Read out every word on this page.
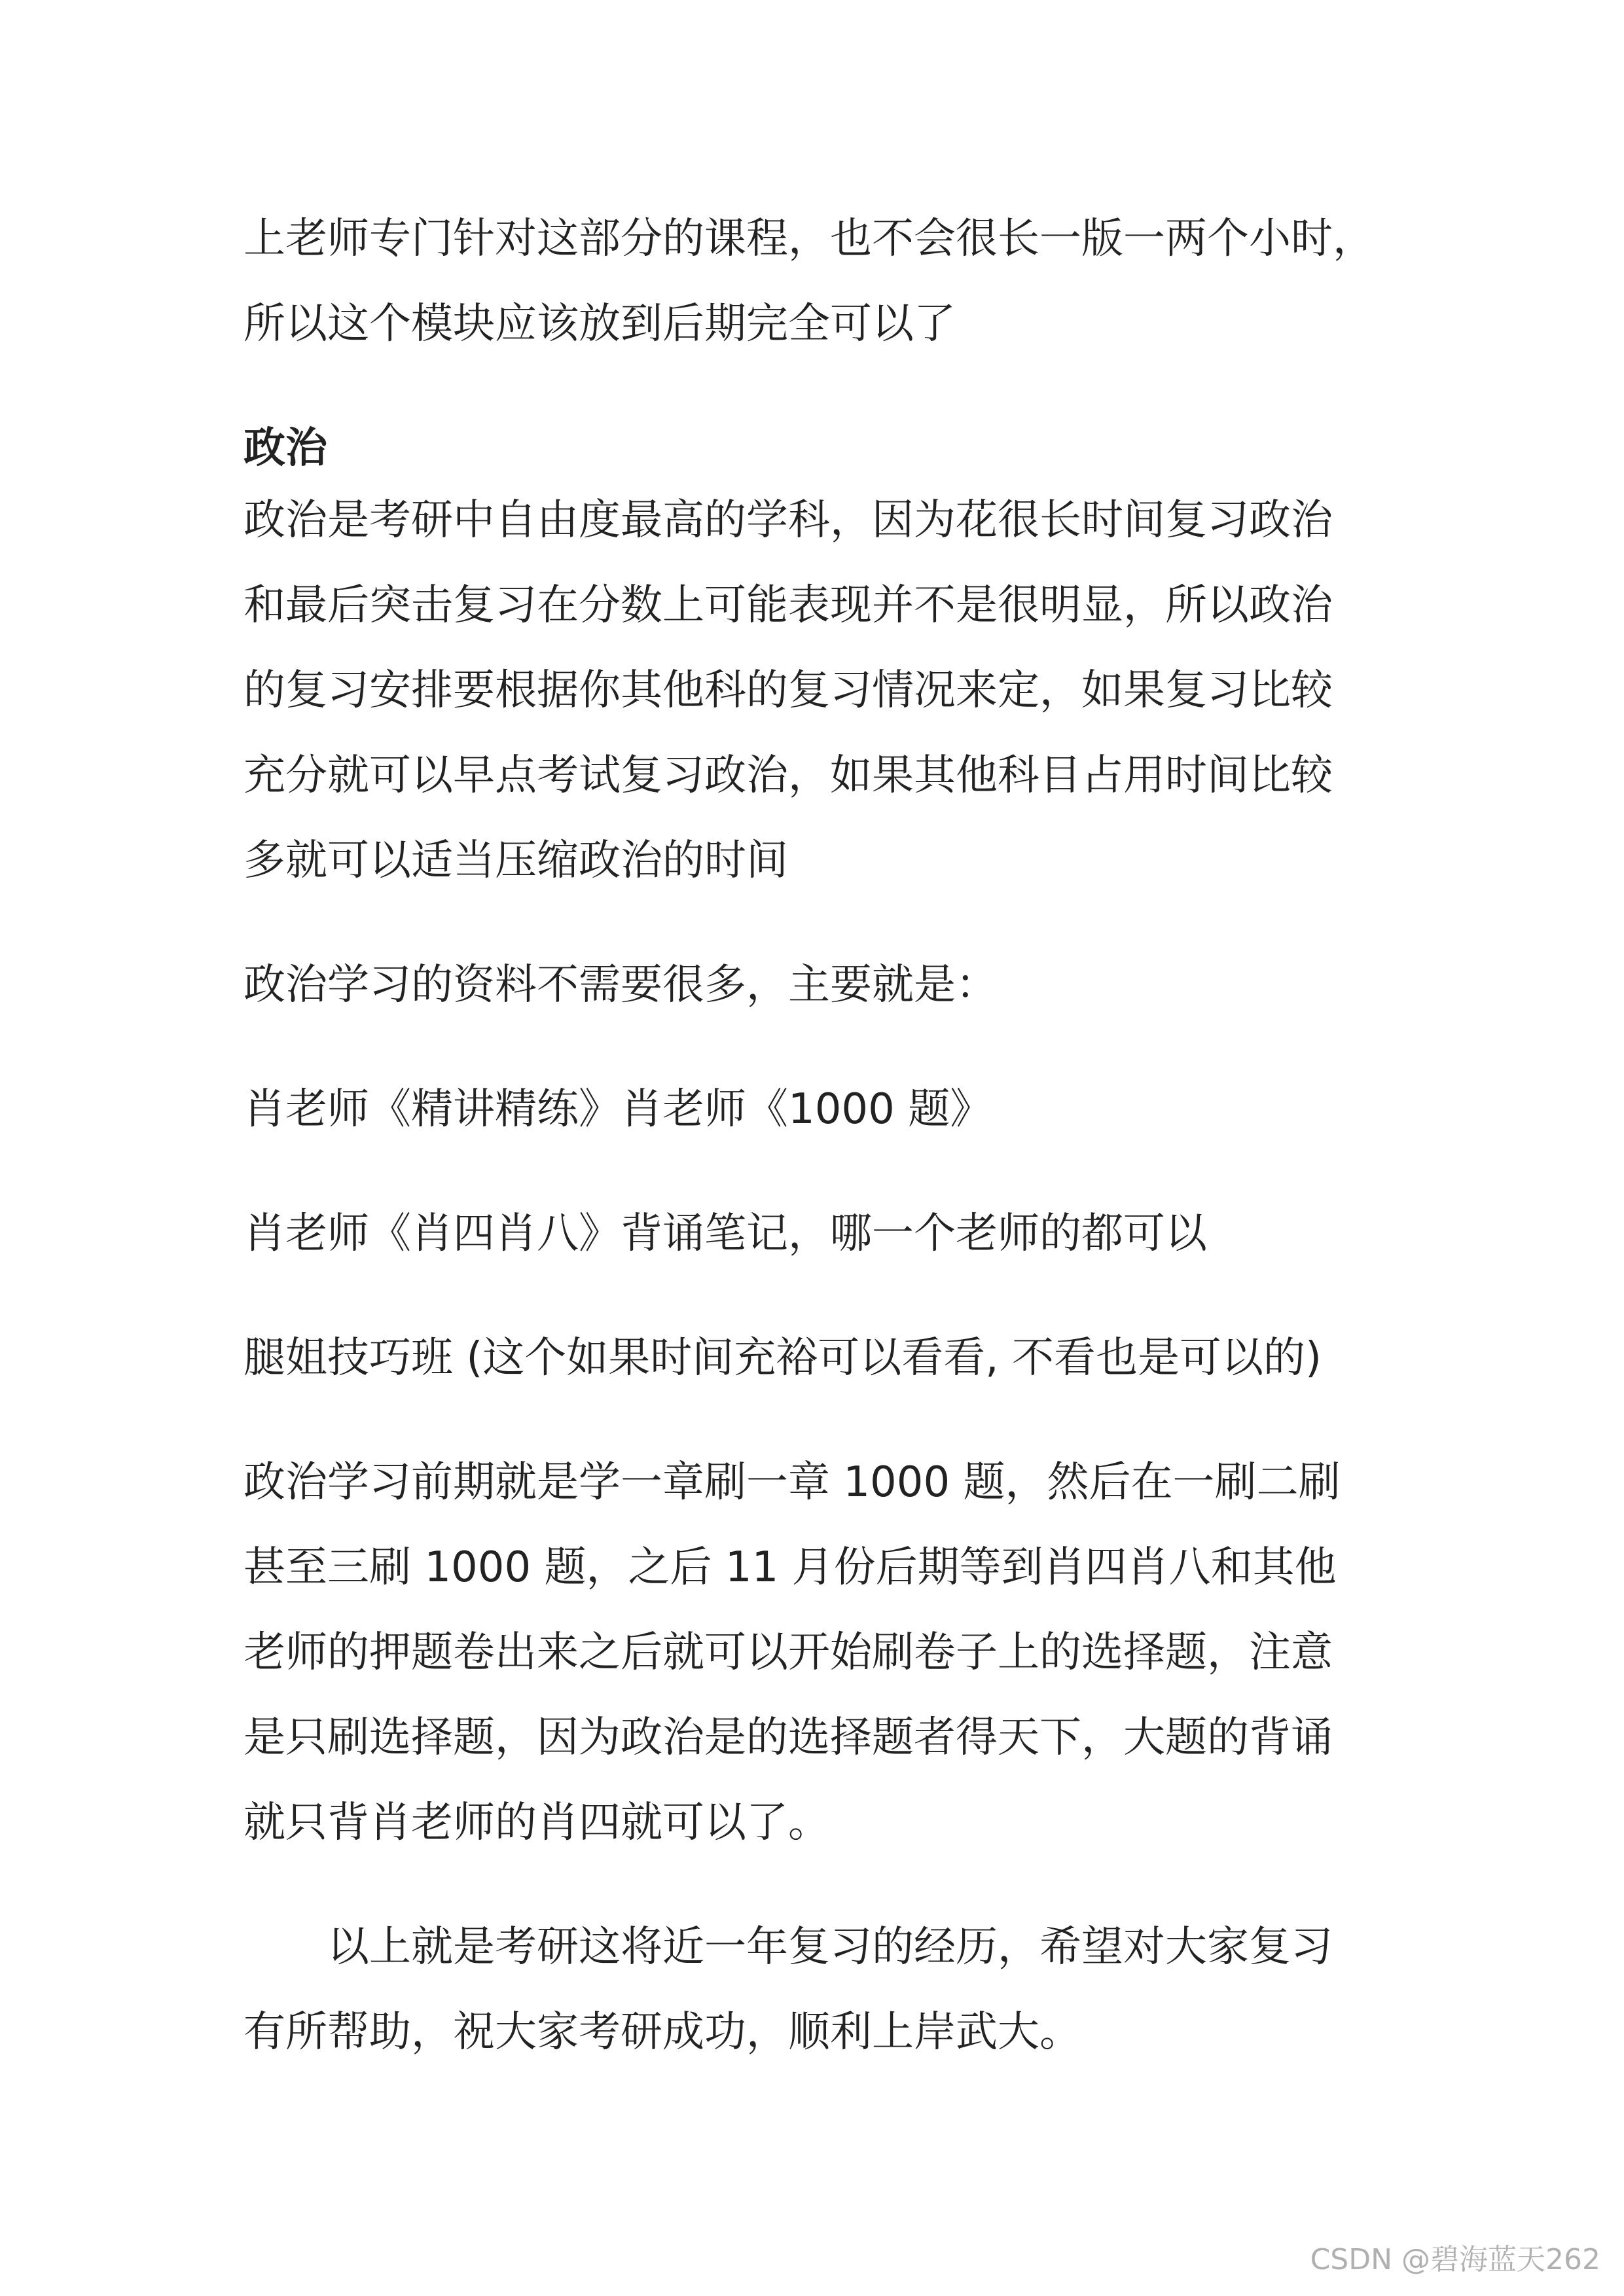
上老师专门针对这部分的课程，也不会很长一版一两个小时，
所以这个模块应该放到后期完全可以了
政治
政治是考研中自由度最高的学科，因为花很长时间复习政治
和最后突击复习在分数上可能表现并不是很明显，所以政治
的复习安排要根据你其他科的复习情况来定，如果复习比较
充分就可以早点考试复习政治，如果其他科目占用时间比较
多就可以适当压缩政治的时间
政治学习的资料不需要很多，主要就是：
肖老师《精讲精练》肖老师《1000 题》
肖老师《肖四肖八》背诵笔记，哪一个老师的都可以
腿姐技巧班 (这个如果时间充裕可以看看, 不看也是可以的)
政治学习前期就是学一章刷一章 1000 题，然后在一刷二刷
甚至三刷 1000 题，之后 11 月份后期等到肖四肖八和其他
老师的押题卷出来之后就可以开始刷卷子上的选择题，注意
是只刷选择题，因为政治是的选择题者得天下，大题的背诵
就只背肖老师的肖四就可以了。
以上就是考研这将近一年复习的经历，希望对大家复习
有所帮助，祝大家考研成功，顺利上岸武大。
CSDN @碧海蓝天262
